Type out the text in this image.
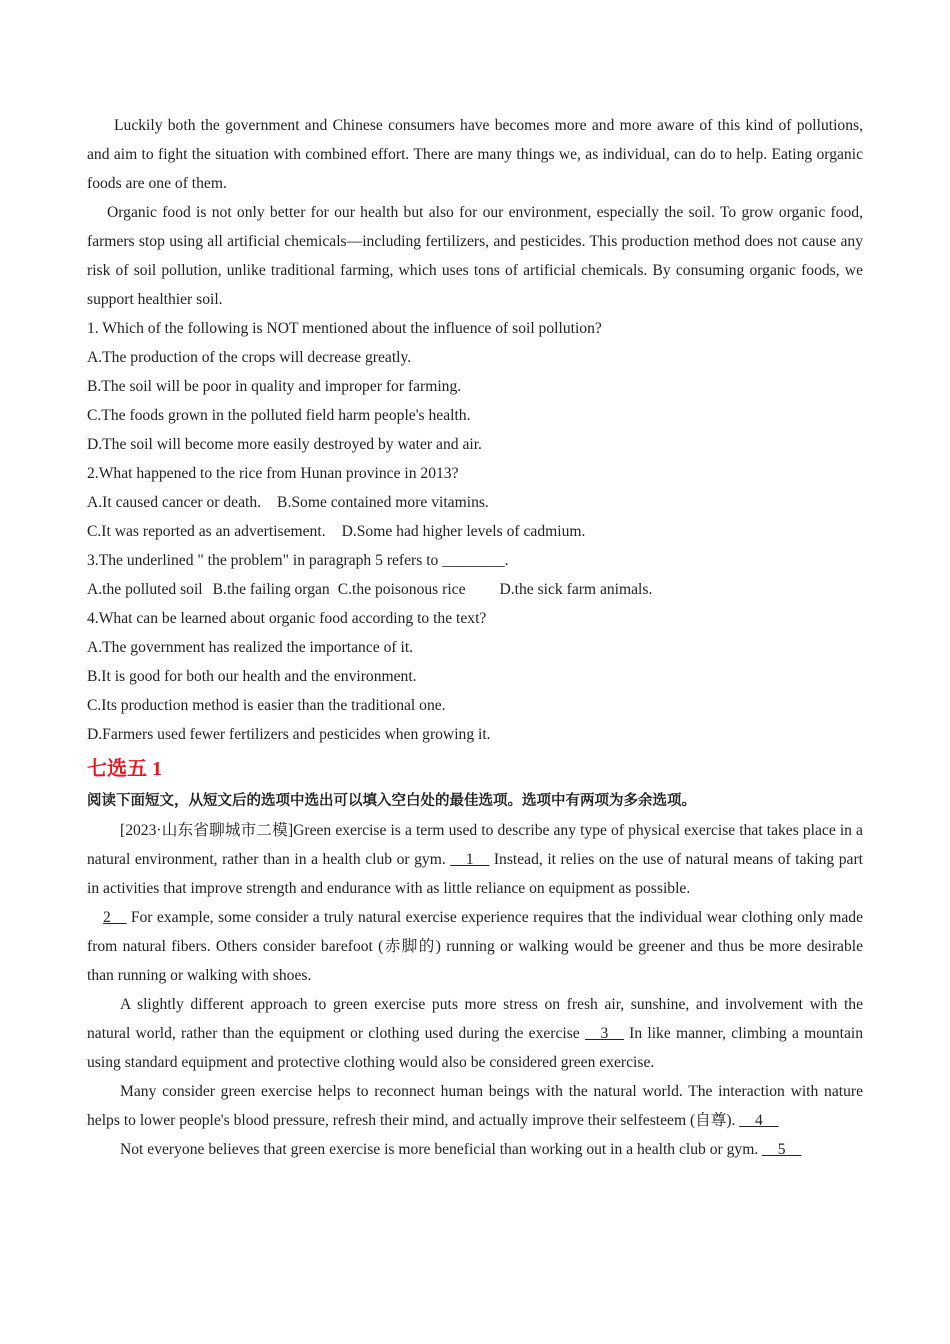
Luckily both the government and Chinese consumers have becomes more and more aware of this kind of pollutions, and aim to fight the situation with combined effort. There are many things we, as individual, can do to help. Eating organic foods are one of them.

Organic food is not only better for our health but also for our environment, especially the soil. To grow organic food, farmers stop using all artificial chemicals—including fertilizers, and pesticides. This production method does not cause any risk of soil pollution, unlike traditional farming, which uses tons of artificial chemicals. By consuming organic foods, we support healthier soil.

1. Which of the following is NOT mentioned about the influence of soil pollution?

A.The production of the crops will decrease greatly.

B.The soil will be poor in quality and improper for farming.

C.The foods grown in the polluted field harm people's health.

D.The soil will become more easily destroyed by water and air.

2.What happened to the rice from Hunan province in 2013?

A.It caused cancer or death. B.Some contained more vitamins.

C.It was reported as an advertisement. D.Some had higher levels of cadmium.

3.The underlined " the problem" in paragraph 5 refers to ________.

A.the polluted soil B.the failing organ C.the poisonous rice D.the sick farm animals.

4.What can be learned about organic food according to the text?

A.The government has realized the importance of it.

B.It is good for both our health and the environment.

C.Its production method is easier than the traditional one.

D.Farmers used fewer fertilizers and pesticides when growing it.

七选五 1

阅读下面短文，从短文后的选项中选出可以填入空白处的最佳选项。选项中有两项为多余选项。

[2023·山东省聊城市二模]Green exercise is a term used to describe any type of physical exercise that takes place in a natural environment, rather than in a health club or gym. __1__ Instead, it relies on the use of natural means of taking part in activities that improve strength and endurance with as little reliance on equipment as possible.

2__ For example, some consider a truly natural exercise experience requires that the individual wear clothing only made from natural fibers. Others consider barefoot (赤脚的) running or walking would be greener and thus be more desirable than running or walking with shoes.

A slightly different approach to green exercise puts more stress on fresh air, sunshine, and involvement with the natural world, rather than the equipment or clothing used during the exercise __3__ In like manner, climbing a mountain using standard equipment and protective clothing would also be considered green exercise.

Many consider green exercise helps to reconnect human beings with the natural world. The interaction with nature helps to lower people's blood pressure, refresh their mind, and actually improve their selfesteem (自尊). __4__

Not everyone believes that green exercise is more beneficial than working out in a health club or gym. __5__
